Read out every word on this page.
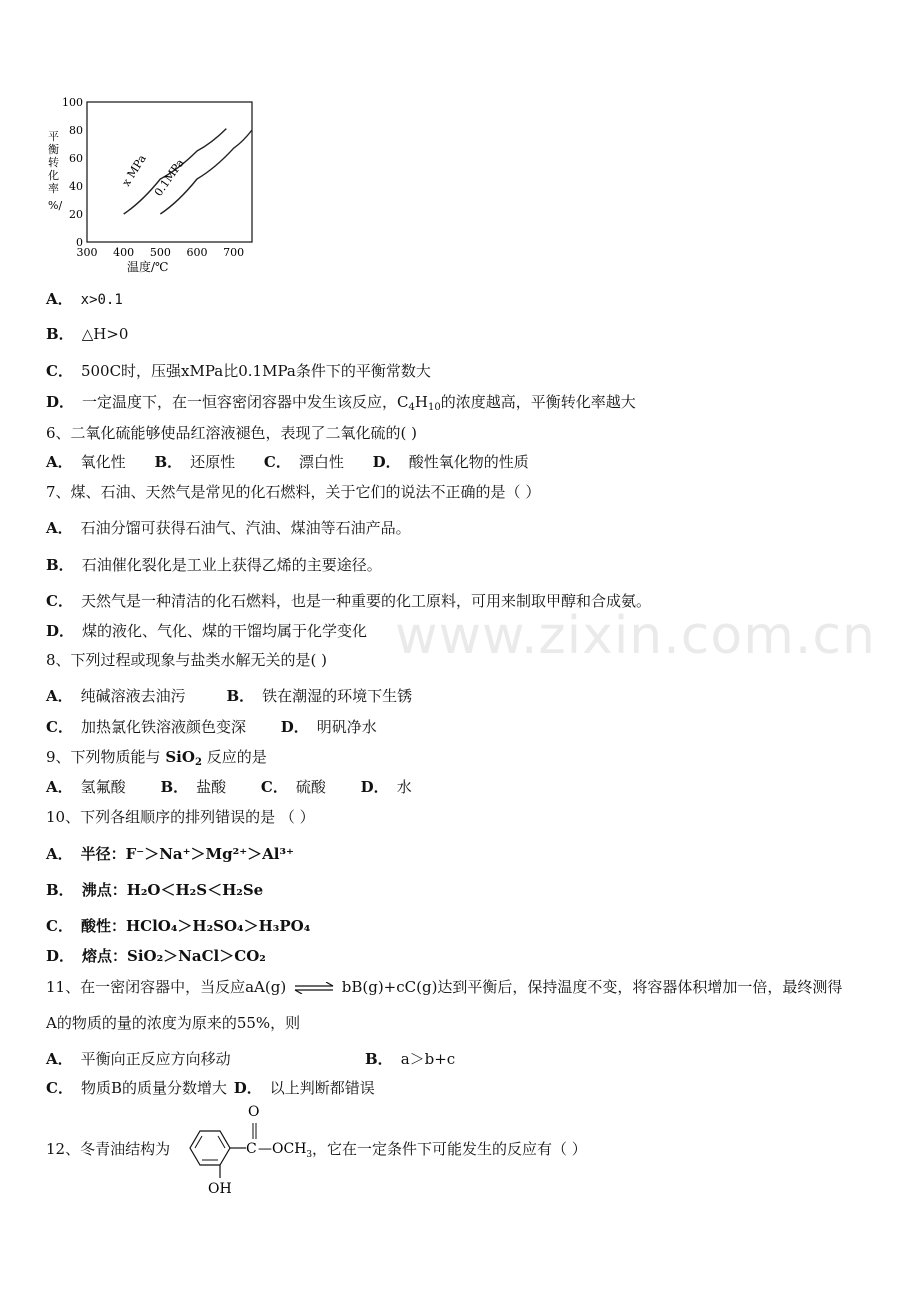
0
20
40
60
80
100
300 400 500 600 700
温度/℃
x MPa 0.1MPa
平衡转化率%/
A． x>0.1
B． △H>0
C． 500C时，压强xMPa比0.1MPa条件下的平衡常数大
D． 一定温度下，在一恒容密闭容器中发生该反应，$C_4H_{10}$的浓度越高，平衡转化率越大
6、二氧化硫能够使品红溶液褪色，表现了二氧化硫的( )
A． 氧化性 B． 还原性 C． 漂白性 D． 酸性氧化物的性质
7、煤、石油、天然气是常见的化石燃料，关于它们的说法不正确的是（ ）
A． 石油分馏可获得石油气、汽油、煤油等石油产品。
B． 石油催化裂化是工业上获得乙烯的主要途径。
C． 天然气是一种清洁的化石燃料，也是一种重要的化工原料，可用来制取甲醇和合成氨。
D． 煤的液化、气化、煤的干馏均属于化学变化
8、下列过程或现象与盐类水解无关的是( )
A． 纯碱溶液去油污	B． 铁在潮湿的环境下生锈
C． 加热氯化铁溶液颜色变深 D． 明矾净水
9、下列物质能与 SiO$_2$ 反应的是
A． 氢氟酸 B． 盐酸 C． 硫酸 D． 水
10、下列各组顺序的排列错误的是 （ ）
A． 半径：F⁻＞Na⁺＞Mg²⁺＞Al³⁺
B． 沸点：H₂O＜H₂S＜H₂Se
C． 酸性：HClO₄＞H₂SO₄＞H₃PO₄
D． 熔点：SiO₂＞NaCl＞CO₂
11、在一密闭容器中，当反应aA(g) ⇌ bB(g)+cC(g)达到平衡后，保持温度不变，将容器体积增加一倍，最终测得
A的物质的量的浓度为原来的55%，则
A． 平衡向正反应方向移动	B． a＞b+c
C． 物质B的质量分数增大 D． 以上判断都错误
12、冬青油结构为
OH
C
O
$—OCH_3$ ，它在一定条件下可能发生的反应有（ ）
www.zixin.com.cn
